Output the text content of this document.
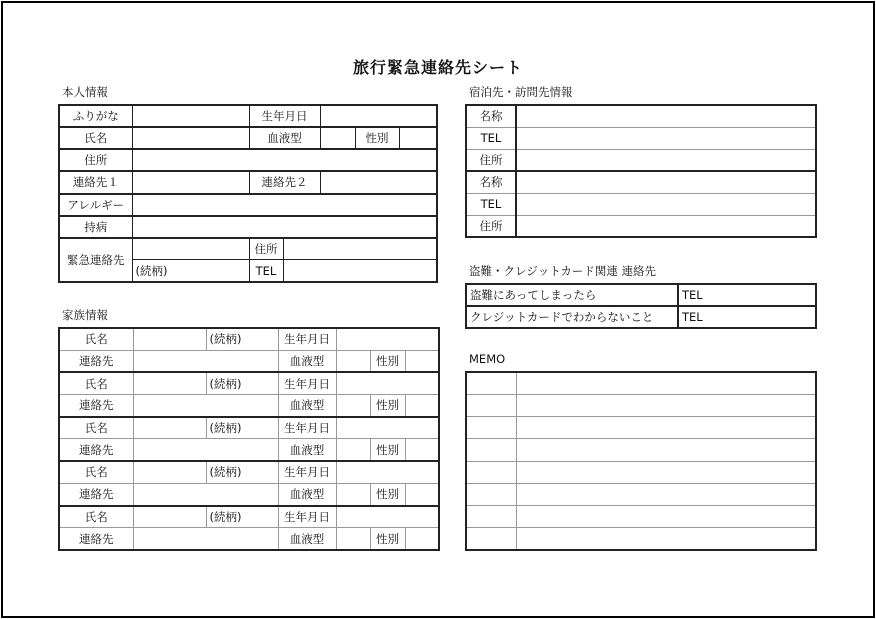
旅行緊急連絡先シート
本人情報
ふりがな		生年月日				
氏名		血液型			性別	
住所						
連絡先１		連絡先２				
アレルギー						
持病						
緊急連絡先		住所				
	(続柄)	TEL				
家族情報
氏名		(続柄)	生年月日			
連絡先			血液型		性別	
氏名		(続柄)	生年月日			
連絡先			血液型		性別	
氏名		(続柄)	生年月日			
連絡先			血液型		性別	
氏名		(続柄)	生年月日			
連絡先			血液型		性別	
氏名		(続柄)	生年月日			
連絡先			血液型		性別	
宿泊先・訪問先情報
名称	
TEL	
住所	
名称	
TEL	
住所	
盗難・クレジットカード関連 連絡先
盗難にあってしまったら	TEL
クレジットカードでわからないこと	TEL
MEMO
